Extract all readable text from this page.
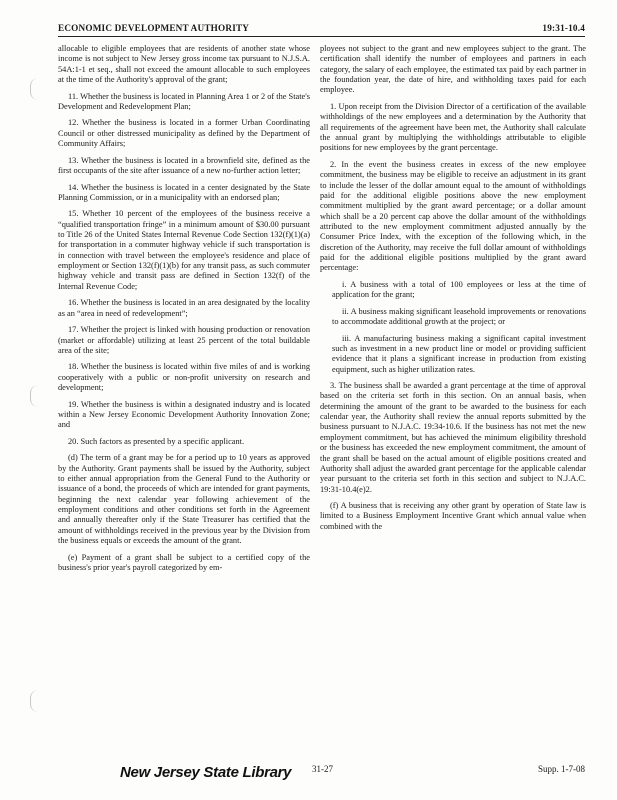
ECONOMIC DEVELOPMENT AUTHORITY	19:31-10.4

allocable to eligible employees that are residents of another state whose income is not subject to New Jersey gross income tax pursuant to N.J.S.A. 54A:1-1 et seq., shall not exceed the amount allocable to such employees at the time of the Authority's approval of the grant;

11. Whether the business is located in Planning Area 1 or 2 of the State's Development and Redevelopment Plan;

12. Whether the business is located in a former Urban Coordinating Council or other distressed municipality as defined by the Department of Community Affairs;

13. Whether the business is located in a brownfield site, defined as the first occupants of the site after issuance of a new no-further action letter;

14. Whether the business is located in a center designated by the State Planning Commission, or in a municipality with an endorsed plan;

15. Whether 10 percent of the employees of the business receive a “qualified transportation fringe” in a minimum amount of $30.00 pursuant to Title 26 of the United States Internal Revenue Code Section 132(f)(1)(a) for transportation in a commuter highway vehicle if such transportation is in connection with travel between the employee's residence and place of employment or Section 132(f)(1)(b) for any transit pass, as such commuter highway vehicle and transit pass are defined in Section 132(f) of the Internal Revenue Code;

16. Whether the business is located in an area designated by the locality as an “area in need of redevelopment”;

17. Whether the project is linked with housing production or renovation (market or affordable) utilizing at least 25 percent of the total buildable area of the site;

18. Whether the business is located within five miles of and is working cooperatively with a public or non-profit university on research and development;

19. Whether the business is within a designated industry and is located within a New Jersey Economic Development Authority Innovation Zone; and

20. Such factors as presented by a specific applicant.

(d) The term of a grant may be for a period up to 10 years as approved by the Authority. Grant payments shall be issued by the Authority, subject to either annual appropriation from the General Fund to the Authority or issuance of a bond, the proceeds of which are intended for grant payments, beginning the next calendar year following achievement of the employment conditions and other conditions set forth in the Agreement and annually thereafter only if the State Treasurer has certified that the amount of withholdings received in the previous year by the Division from the business equals or exceeds the amount of the grant.

(e) Payment of a grant shall be subject to a certified copy of the business's prior year's payroll categorized by em-

ployees not subject to the grant and new employees subject to the grant. The certification shall identify the number of employees and partners in each category, the salary of each employee, the estimated tax paid by each partner in the foundation year, the date of hire, and withholding taxes paid for each employee.

1. Upon receipt from the Division Director of a certification of the available withholdings of the new employees and a determination by the Authority that all requirements of the agreement have been met, the Authority shall calculate the annual grant by multiplying the withholdings attributable to eligible positions for new employees by the grant percentage.

2. In the event the business creates in excess of the new employee commitment, the business may be eligible to receive an adjustment in its grant to include the lesser of the dollar amount equal to the amount of withholdings paid for the additional eligible positions above the new employment commitment multiplied by the grant award percentage; or a dollar amount which shall be a 20 percent cap above the dollar amount of the withholdings attributed to the new employment commitment adjusted annually by the Consumer Price Index, with the exception of the following which, in the discretion of the Authority, may receive the full dollar amount of withholdings paid for the additional eligible positions multiplied by the grant award percentage:

i. A business with a total of 100 employees or less at the time of application for the grant;

ii. A business making significant leasehold improvements or renovations to accommodate additional growth at the project; or

iii. A manufacturing business making a significant capital investment such as investment in a new product line or model or providing sufficient evidence that it plans a significant increase in production from existing equipment, such as higher utilization rates.

3. The business shall be awarded a grant percentage at the time of approval based on the criteria set forth in this section. On an annual basis, when determining the amount of the grant to be awarded to the business for each calendar year, the Authority shall review the annual reports submitted by the business pursuant to N.J.A.C. 19:34-10.6. If the business has not met the new employment commitment, but has achieved the minimum eligibility threshold or the business has exceeded the new employment commitment, the amount of the grant shall be based on the actual amount of eligible positions created and Authority shall adjust the awarded grant percentage for the applicable calendar year pursuant to the criteria set forth in this section and subject to N.J.A.C. 19:31-10.4(e)2.

(f) A business that is receiving any other grant by operation of State law is limited to a Business Employment Incentive Grant which annual value when combined with the

New Jersey State Library 31-27	Supp. 1-7-08
